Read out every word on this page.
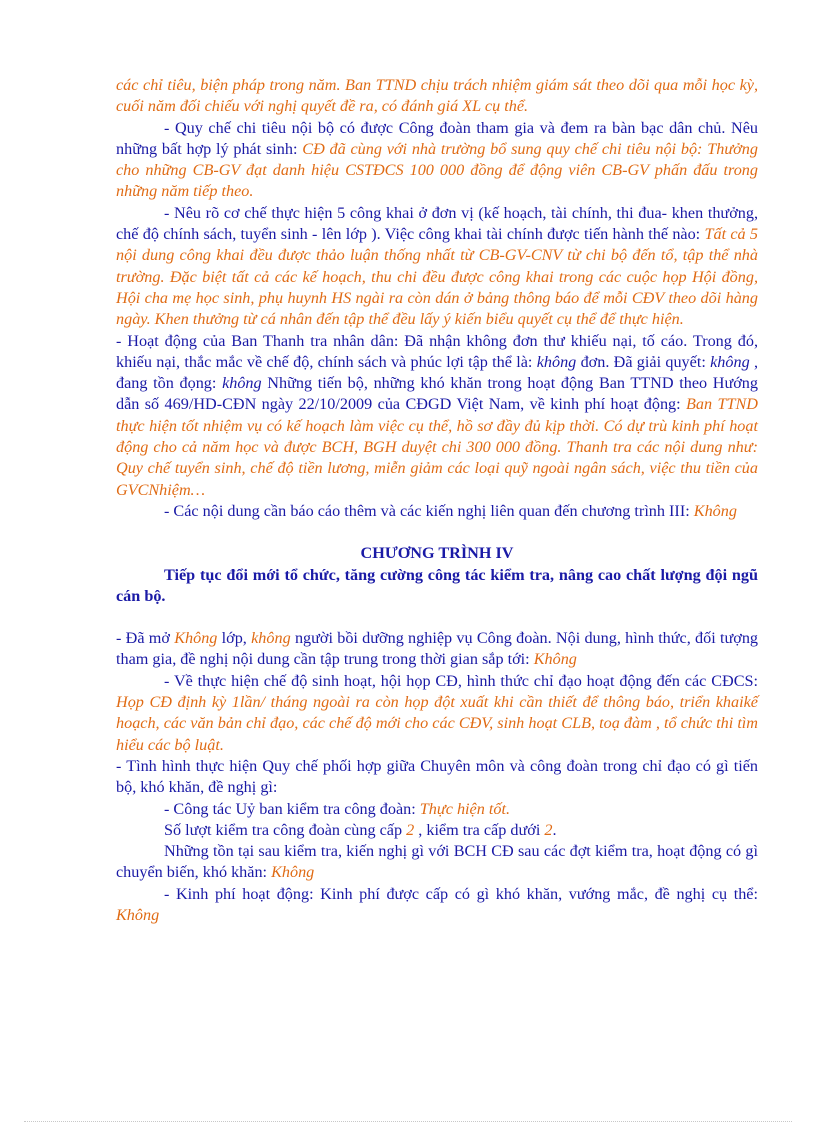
các chỉ tiêu, biện pháp trong năm. Ban TTND chịu trách nhiệm giám sát theo dõi qua mỗi học kỳ, cuối năm đối chiếu với nghị quyết đề ra, có đánh giá XL cụ thể.

- Quy chế chi tiêu nội bộ có được Công đoàn tham gia và đem ra bàn bạc dân chủ. Nêu những bất hợp lý phát sinh: CĐ đã cùng với nhà trường bổ sung quy chế chi tiêu nội bộ: Thưởng cho những CB-GV đạt danh hiệu CSTĐCS 100 000 đồng để động viên CB-GV phấn đấu trong những năm tiếp theo.

- Nêu rõ cơ chế thực hiện 5 công khai ở đơn vị (kế hoạch, tài chính, thi đua- khen thưởng, chế độ chính sách, tuyển sinh - lên lớp ). Việc công khai tài chính được tiến hành thế nào: Tất cả 5 nội dung công khai đều được thảo luận thống nhất từ CB-GV-CNV từ chi bộ đến tổ, tập thể nhà trường. Đặc biệt tất cả các kế hoạch, thu chi đều được công khai trong các cuộc họp Hội đồng, Hội cha mẹ học sinh, phụ huynh HS ngài ra còn dán ở bảng thông báo để mỗi CĐV theo dõi hàng ngày. Khen thưởng từ cá nhân đến tập thể đều lấy ý kiến biểu quyết cụ thể để thực hiện.

- Hoạt động của Ban Thanh tra nhân dân: Đã nhận không đơn thư khiếu nại, tố cáo. Trong đó, khiếu nại, thắc mắc về chế độ, chính sách và phúc lợi tập thể là: không đơn. Đã giải quyết: không , đang tồn đọng: không Những tiến bộ, những khó khăn trong hoạt động Ban TTND theo Hướng dẫn số 469/HD-CĐN ngày 22/10/2009 của CĐGD Việt Nam, về kinh phí hoạt động: Ban TTND thực hiện tốt nhiệm vụ có kế hoạch làm việc cụ thể, hồ sơ đầy đủ kịp thời. Có dự trù kinh phí hoạt động cho cả năm học và được BCH, BGH duyệt chi 300 000 đồng. Thanh tra các nội dung như: Quy chế tuyển sinh, chế độ tiền lương, miễn giảm các loại quỹ ngoài ngân sách, việc thu tiền của GVCNhiệm…

- Các nội dung cần báo cáo thêm và các kiến nghị liên quan đến chương trình III: Không

CHƯƠNG TRÌNH IV

Tiếp tục đổi mới tổ chức, tăng cường công tác kiểm tra, nâng cao chất lượng đội ngũ cán bộ.

- Đã mở Không lớp, không người bồi dưỡng nghiệp vụ Công đoàn. Nội dung, hình thức, đối tượng tham gia, đề nghị nội dung cần tập trung trong thời gian sắp tới: Không

- Về thực hiện chế độ sinh hoạt, hội họp CĐ, hình thức chỉ đạo hoạt động đến các CĐCS: Họp CĐ định kỳ 1lần/ tháng ngoài ra còn họp đột xuất khi cần thiết để thông báo, triển khaikế hoạch, các văn bản chỉ đạo, các chế độ mới cho các CĐV, sinh hoạt CLB, toạ đàm , tổ chức thi tìm hiểu các bộ luật.

- Tình hình thực hiện Quy chế phối hợp giữa Chuyên môn và công đoàn trong chỉ đạo có gì tiến bộ, khó khăn, đề nghị gì:

- Công tác Uỷ ban kiểm tra công đoàn: Thực hiện tốt.

Số lượt kiểm tra công đoàn cùng cấp 2 , kiểm tra cấp dưới 2.

Những tồn tại sau kiểm tra, kiến nghị gì với BCH CĐ sau các đợt kiểm tra, hoạt động có gì chuyển biến, khó khăn: Không

- Kinh phí hoạt động: Kinh phí được cấp có gì khó khăn, vướng mắc, đề nghị cụ thể: Không
